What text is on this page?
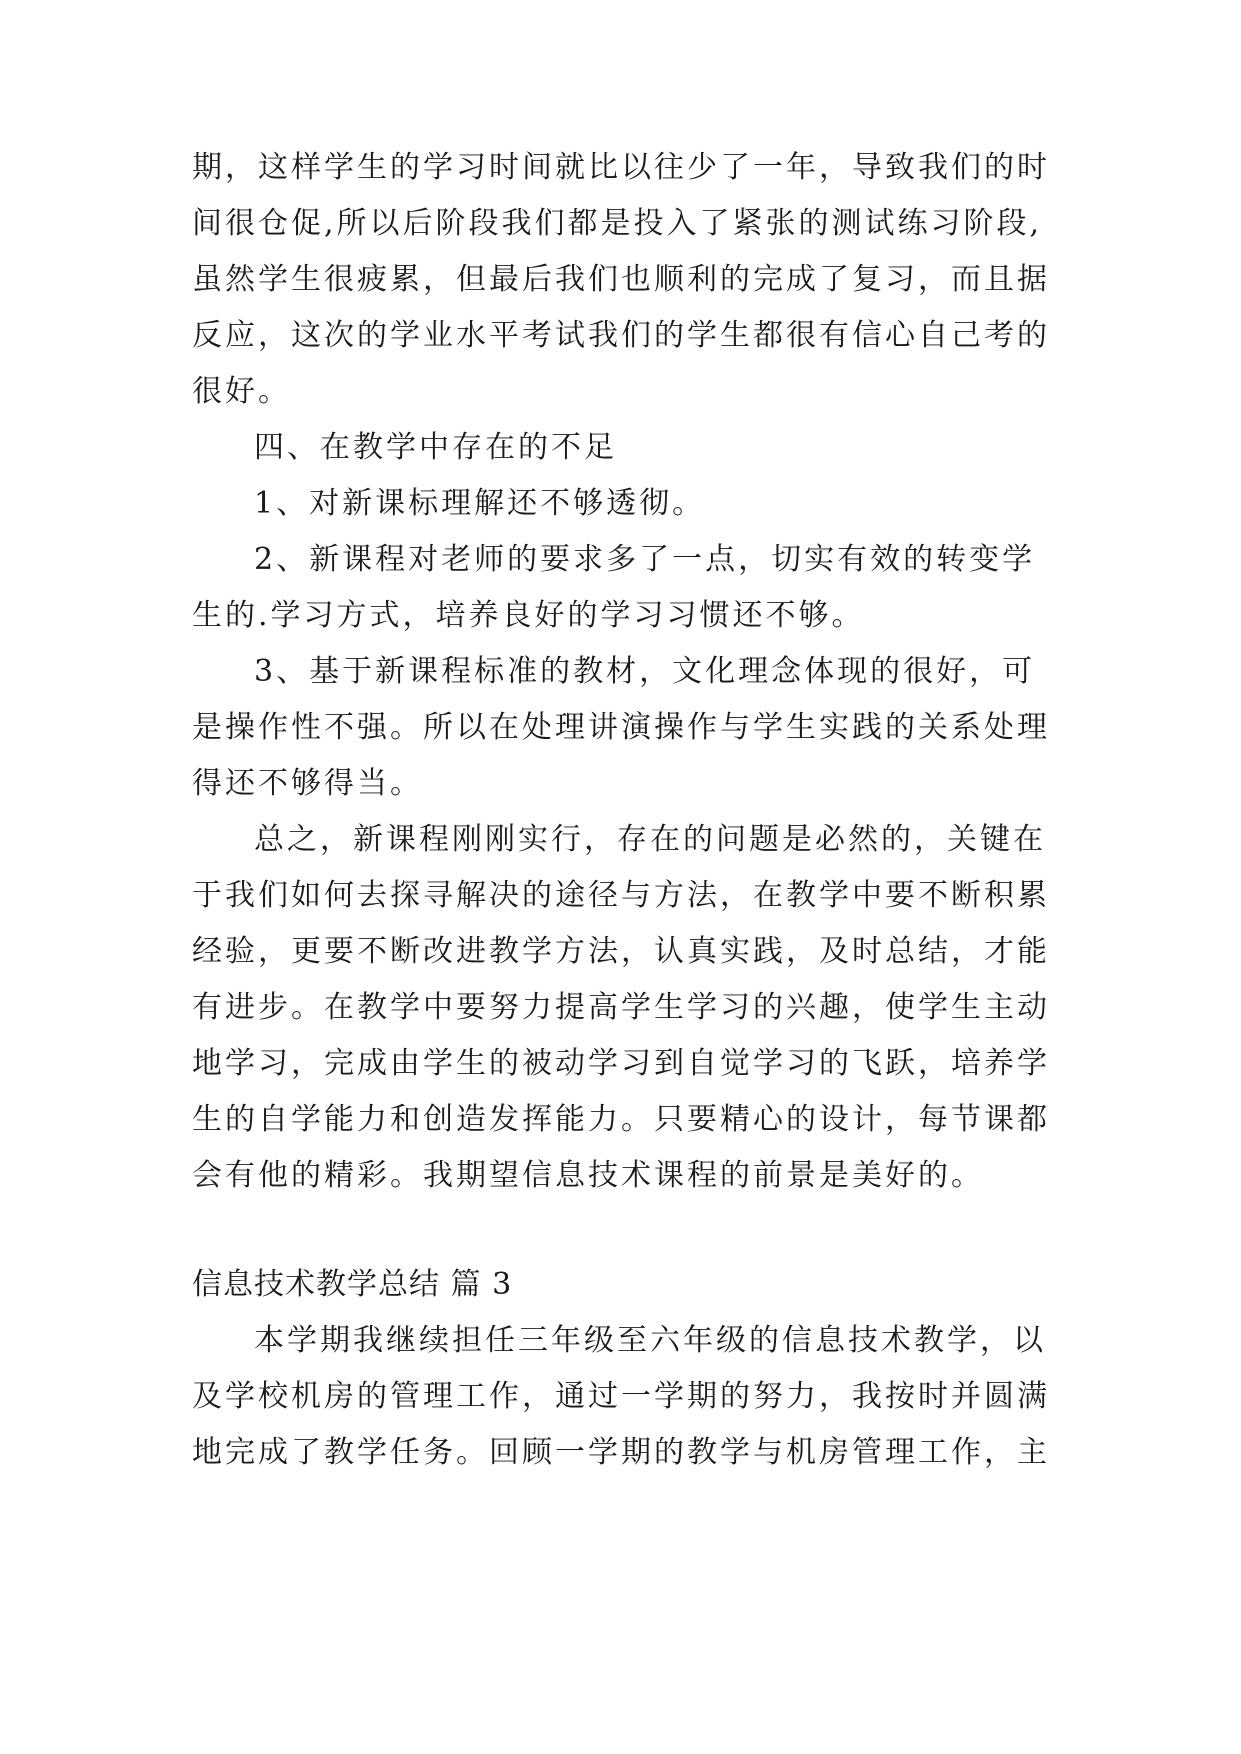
期，这样学生的学习时间就比以往少了一年，导致我们的时
间很仓促,所以后阶段我们都是投入了紧张的测试练习阶段,
虽然学生很疲累，但最后我们也顺利的完成了复习，而且据
反应，这次的学业水平考试我们的学生都很有信心自己考的
很好。
四、在教学中存在的不足
1、对新课标理解还不够透彻。
2、新课程对老师的要求多了一点，切实有效的转变学
生的.学习方式，培养良好的学习习惯还不够。
3、基于新课程标准的教材，文化理念体现的很好，可
是操作性不强。所以在处理讲演操作与学生实践的关系处理
得还不够得当。
总之，新课程刚刚实行，存在的问题是必然的，关键在
于我们如何去探寻解决的途径与方法，在教学中要不断积累
经验，更要不断改进教学方法，认真实践，及时总结，才能
有进步。在教学中要努力提高学生学习的兴趣，使学生主动
地学习，完成由学生的被动学习到自觉学习的飞跃，培养学
生的自学能力和创造发挥能力。只要精心的设计，每节课都
会有他的精彩。我期望信息技术课程的前景是美好的。
信息技术教学总结 篇 3
本学期我继续担任三年级至六年级的信息技术教学，以
及学校机房的管理工作，通过一学期的努力，我按时并圆满
地完成了教学任务。回顾一学期的教学与机房管理工作，主
